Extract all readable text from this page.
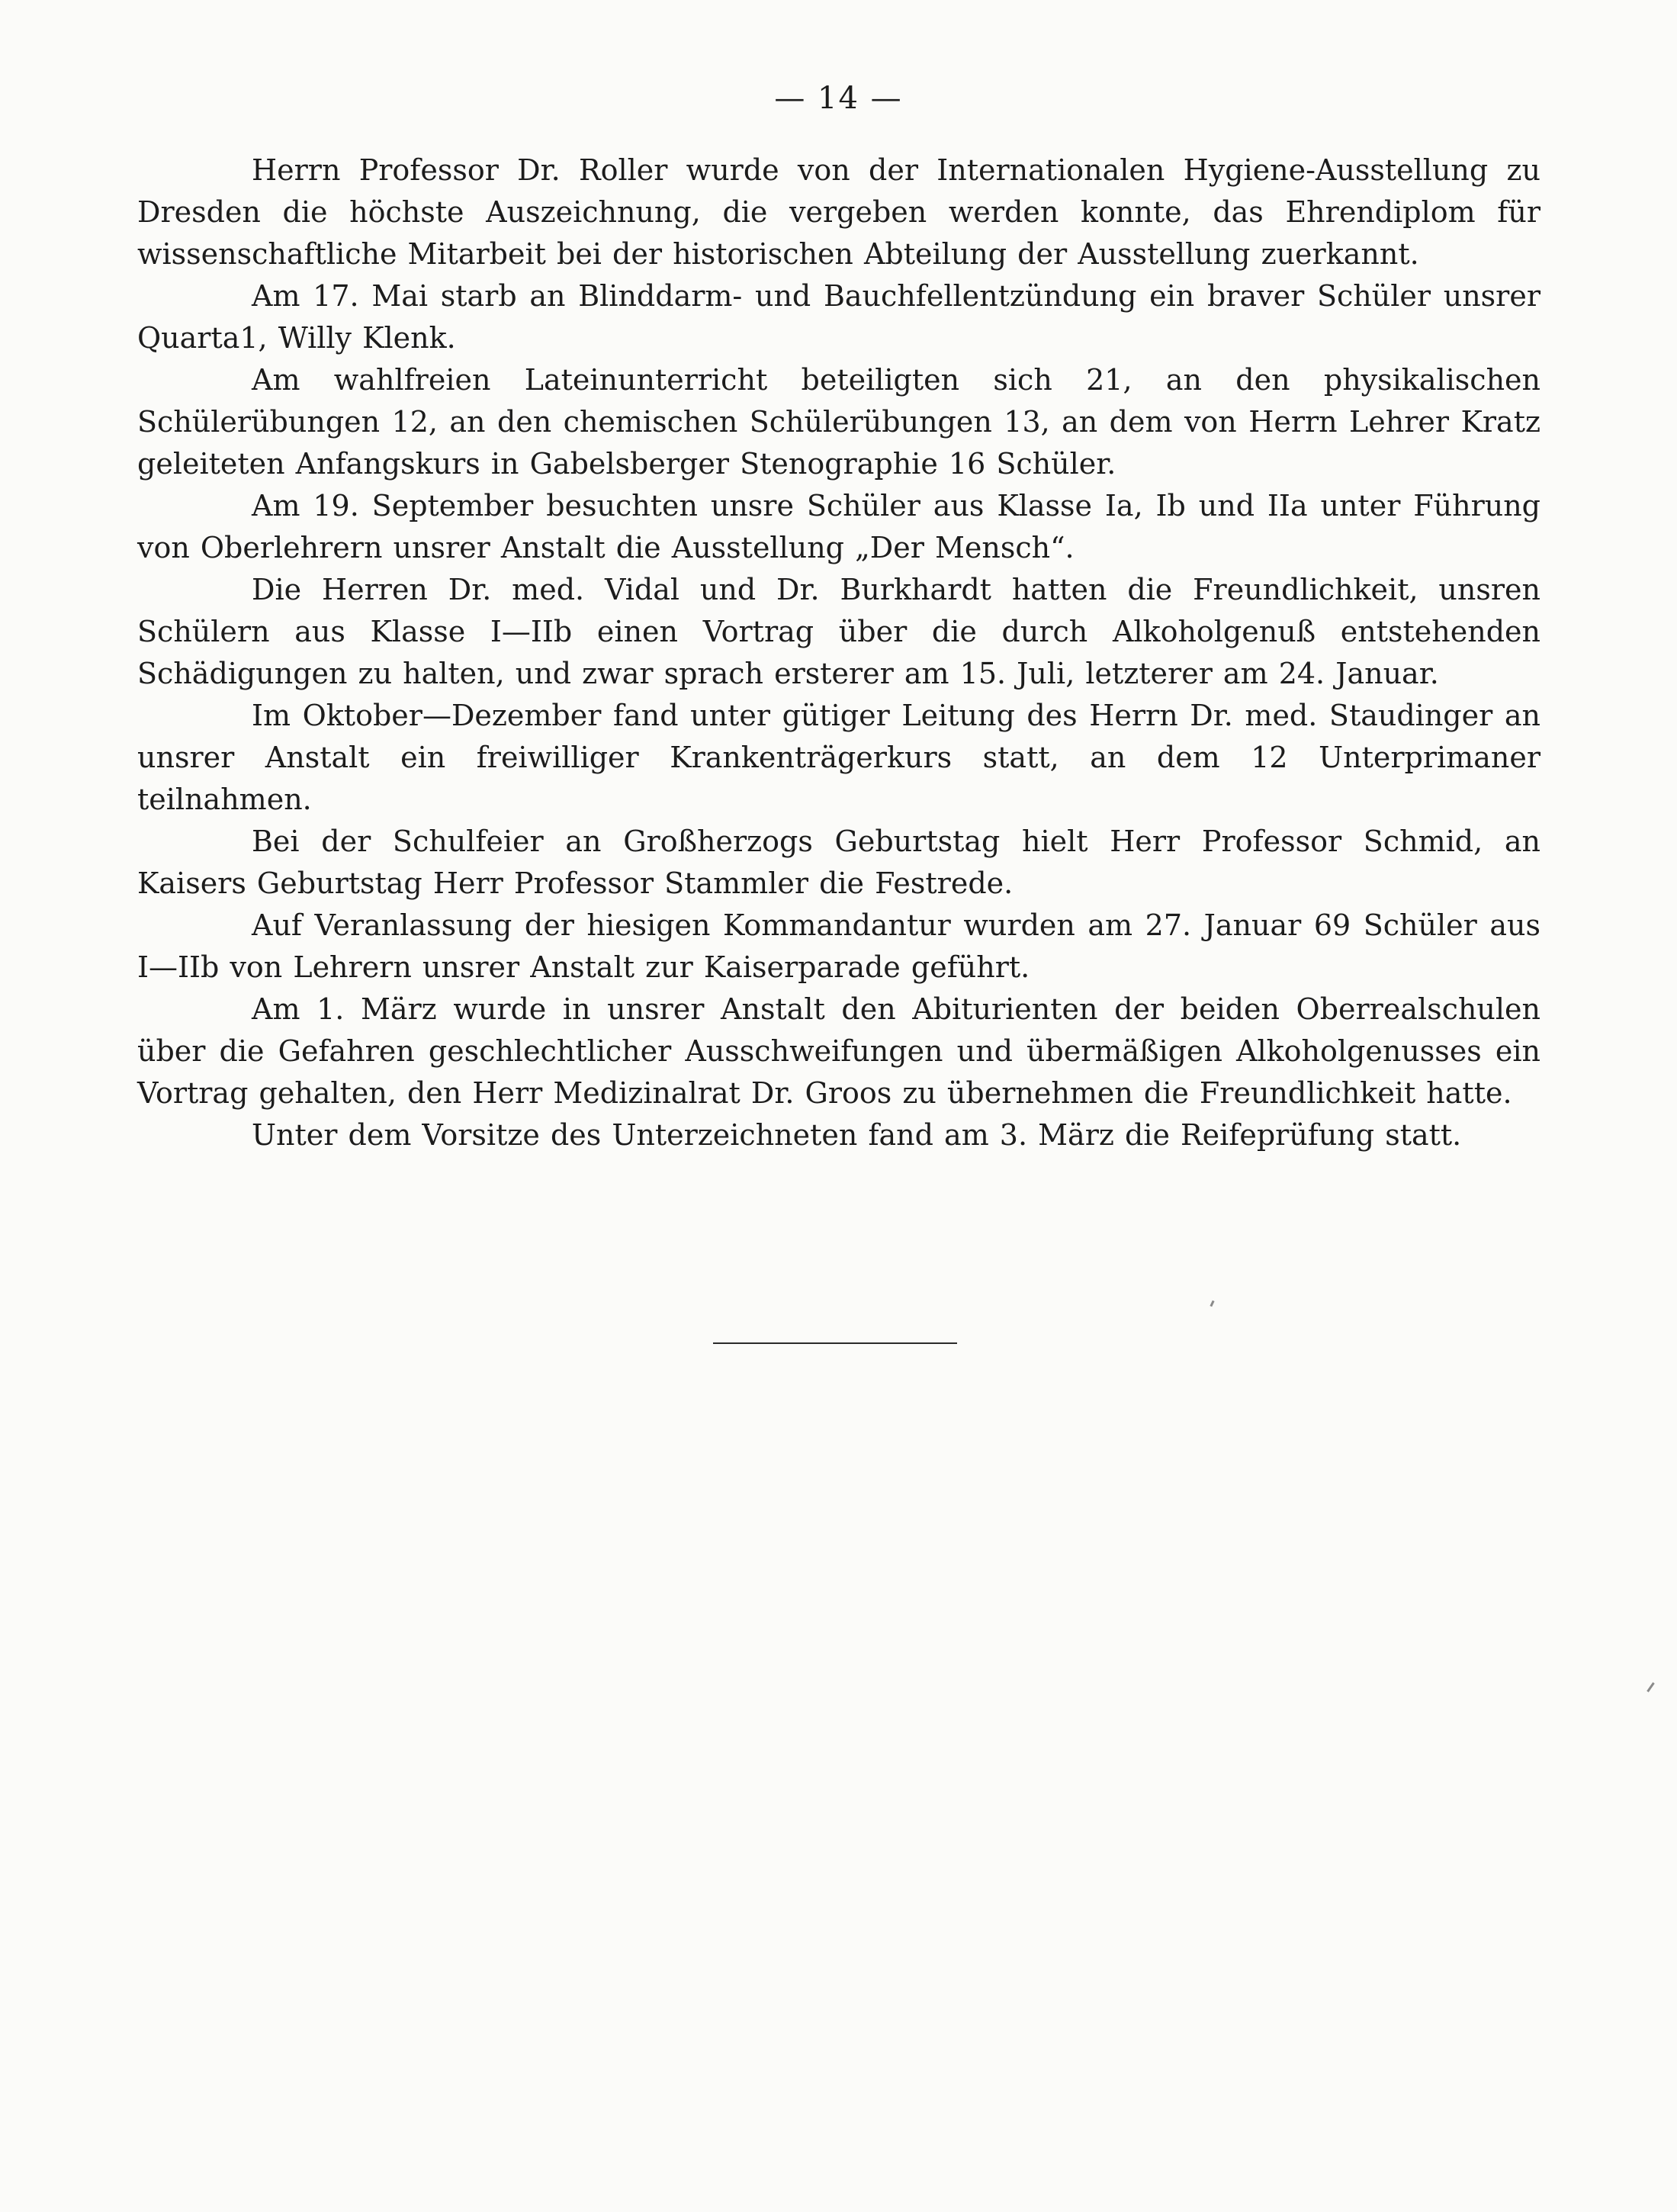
— 14 —

Herrn Professor Dr. Roller wurde von der Internationalen Hygiene-Ausstellung zu Dresden die höchste Auszeichnung, die vergeben werden konnte, das Ehrendiplom für wissenschaftliche Mitarbeit bei der historischen Abteilung der Ausstellung zuerkannt.

Am 17. Mai starb an Blinddarm- und Bauchfellentzündung ein braver Schüler unsrer Quarta1, Willy Klenk.

Am wahlfreien Lateinunterricht beteiligten sich 21, an den physikalischen Schülerübungen 12, an den chemischen Schülerübungen 13, an dem von Herrn Lehrer Kratz geleiteten Anfangskurs in Gabelsberger Stenographie 16 Schüler.

Am 19. September besuchten unsre Schüler aus Klasse Ia, Ib und IIa unter Führung von Oberlehrern unsrer Anstalt die Ausstellung „Der Mensch“.

Die Herren Dr. med. Vidal und Dr. Burkhardt hatten die Freundlichkeit, unsren Schülern aus Klasse I—IIb einen Vortrag über die durch Alkoholgenuß entstehenden Schädigungen zu halten, und zwar sprach ersterer am 15. Juli, letzterer am 24. Januar.

Im Oktober—Dezember fand unter gütiger Leitung des Herrn Dr. med. Staudinger an unsrer Anstalt ein freiwilliger Krankenträgerkurs statt, an dem 12 Unterprimaner teilnahmen.

Bei der Schulfeier an Großherzogs Geburtstag hielt Herr Professor Schmid, an Kaisers Geburtstag Herr Professor Stammler die Festrede.

Auf Veranlassung der hiesigen Kommandantur wurden am 27. Januar 69 Schüler aus I—IIb von Lehrern unsrer Anstalt zur Kaiserparade geführt.

Am 1. März wurde in unsrer Anstalt den Abiturienten der beiden Oberrealschulen über die Gefahren geschlechtlicher Ausschweifungen und übermäßigen Alkoholgenusses ein Vortrag gehalten, den Herr Medizinalrat Dr. Groos zu übernehmen die Freundlichkeit hatte.

Unter dem Vorsitze des Unterzeichneten fand am 3. März die Reifeprüfung statt.
